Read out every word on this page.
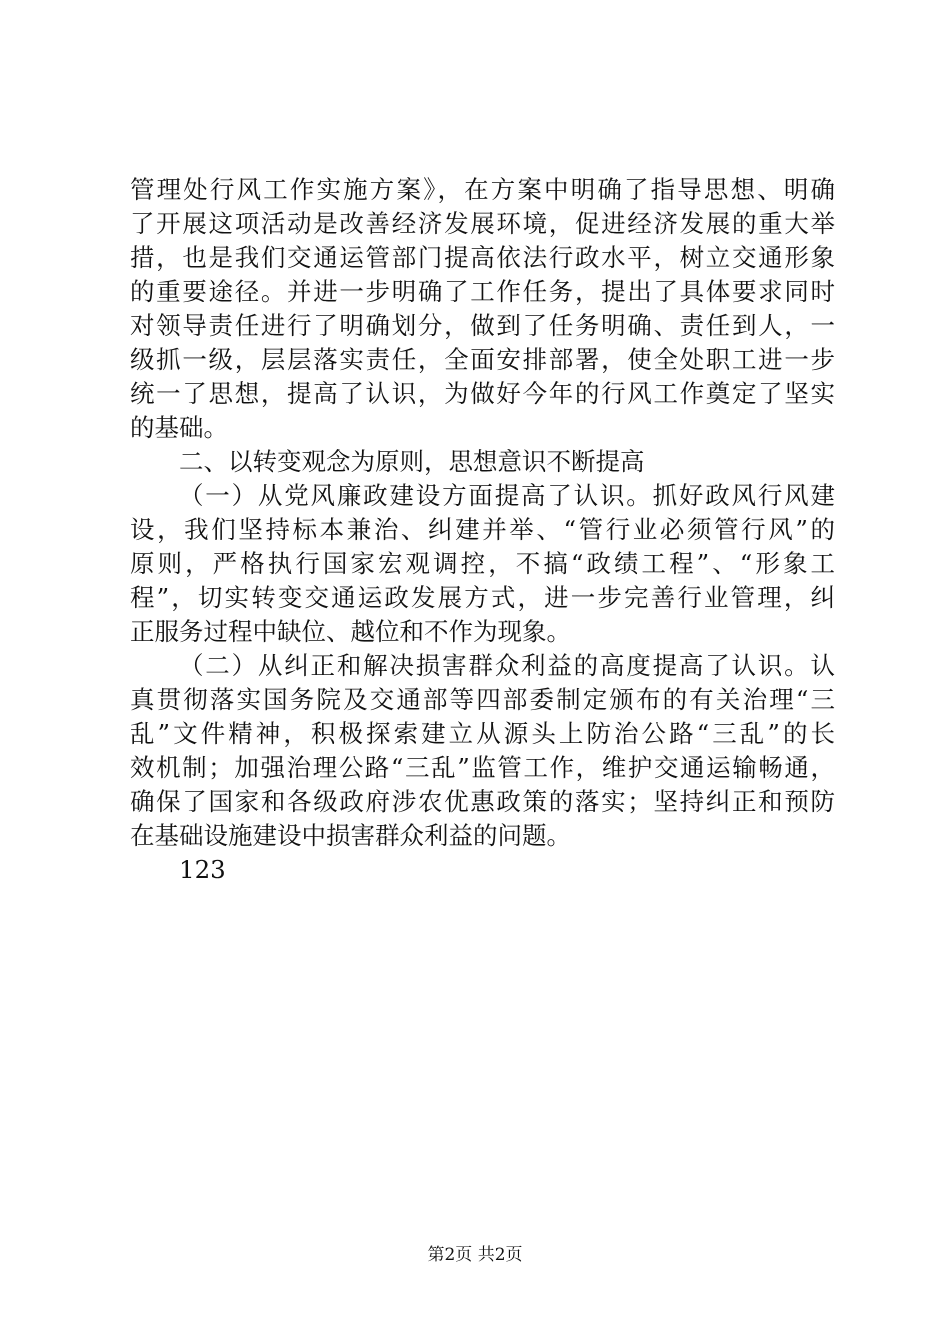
管理处行风工作实施方案》，在方案中明确了指导思想、明确
了开展这项活动是改善经济发展环境，促进经济发展的重大举
措，也是我们交通运管部门提高依法行政水平，树立交通形象
的重要途径。并进一步明确了工作任务，提出了具体要求同时
对领导责任进行了明确划分，做到了任务明确、责任到人，一
级抓一级，层层落实责任，全面安排部署，使全处职工进一步
统一了思想，提高了认识，为做好今年的行风工作奠定了坚实
的基础。
二、以转变观念为原则，思想意识不断提高
（一）从党风廉政建设方面提高了认识。抓好政风行风建
设，我们坚持标本兼治、纠建并举、“管行业必须管行风”的
原则，严格执行国家宏观调控，不搞“政绩工程”、“形象工
程”，切实转变交通运政发展方式，进一步完善行业管理，纠
正服务过程中缺位、越位和不作为现象。
（二）从纠正和解决损害群众利益的高度提高了认识。认
真贯彻落实国务院及交通部等四部委制定颁布的有关治理“三
乱”文件精神，积极探索建立从源头上防治公路“三乱”的长
效机制；加强治理公路“三乱”监管工作，维护交通运输畅通，
确保了国家和各级政府涉农优惠政策的落实；坚持纠正和预防
在基础设施建设中损害群众利益的问题。
123
第2页 共2页
